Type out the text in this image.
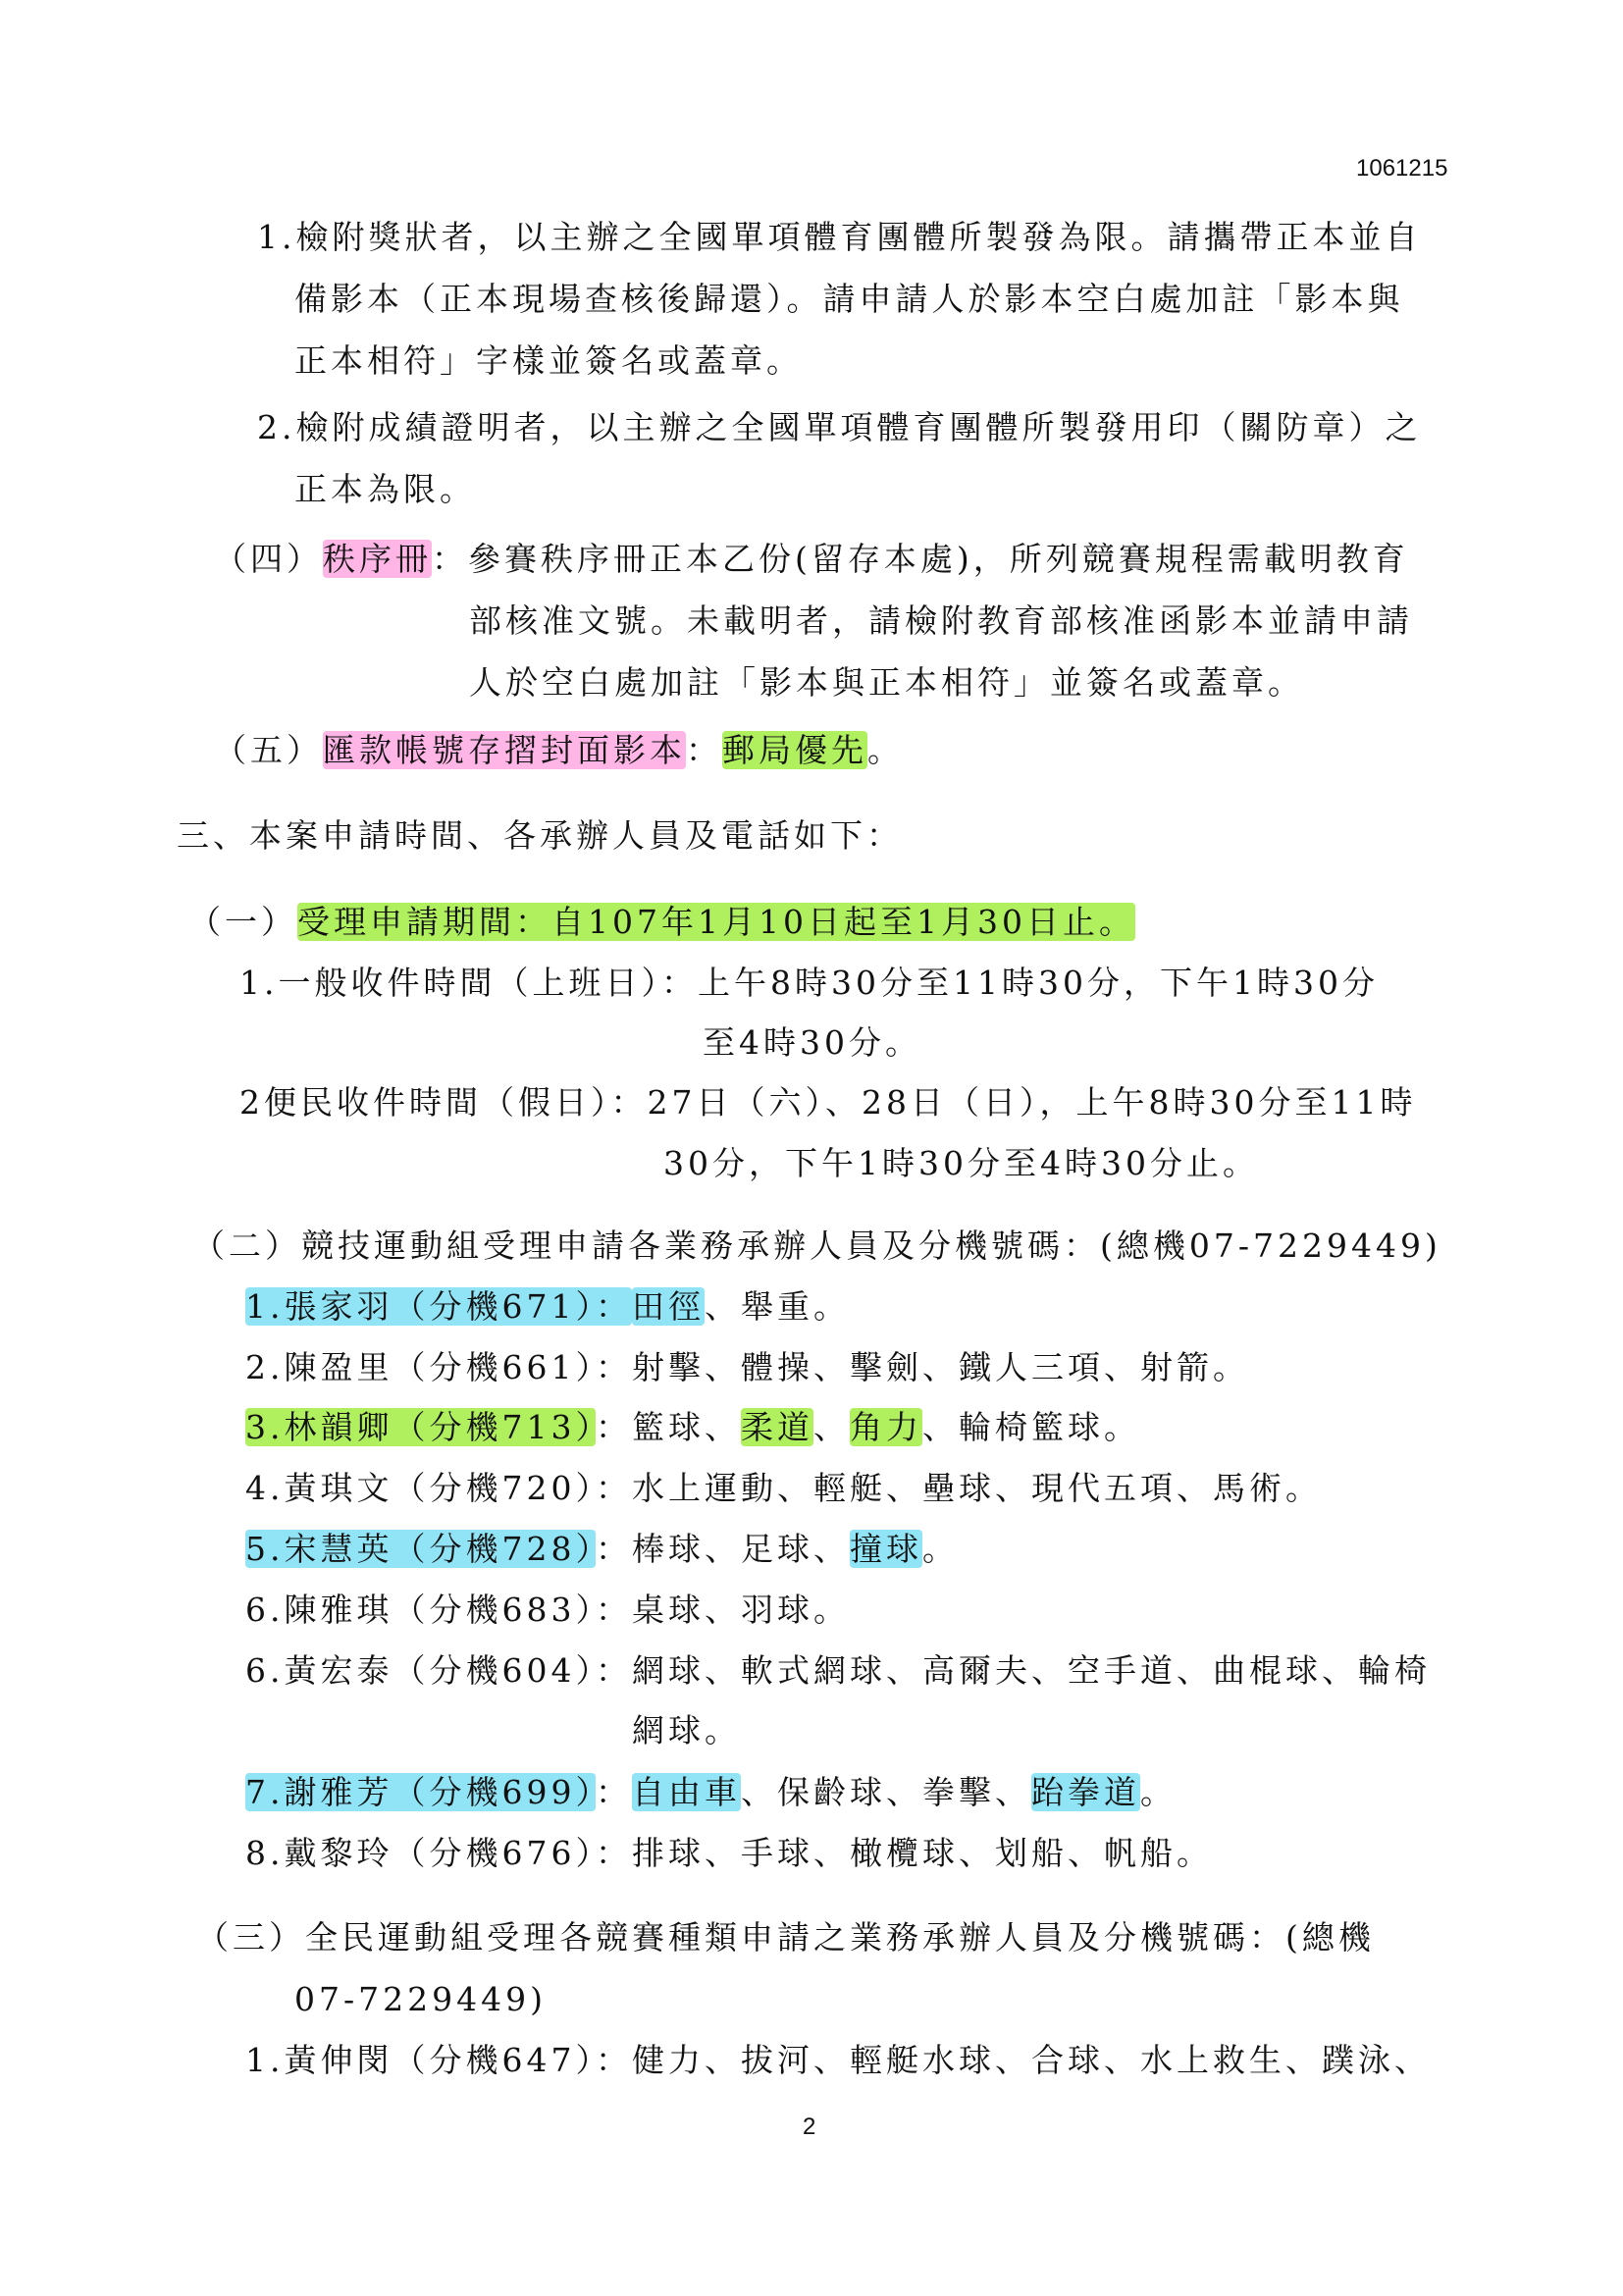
1061215
1.檢附獎狀者，以主辦之全國單項體育團體所製發為限。請攜帶正本並自
備影本（正本現場查核後歸還）。請申請人於影本空白處加註「影本與
正本相符」字樣並簽名或蓋章。
2.檢附成績證明者，以主辦之全國單項體育團體所製發用印（關防章）之
正本為限。
（四）秩序冊：參賽秩序冊正本乙份(留存本處)，所列競賽規程需載明教育
部核准文號。未載明者，請檢附教育部核准函影本並請申請
人於空白處加註「影本與正本相符」並簽名或蓋章。
（五）匯款帳號存摺封面影本：郵局優先。
三、本案申請時間、各承辦人員及電話如下：
（一）受理申請期間：自107年1月10日起至1月30日止。
1.一般收件時間（上班日）：上午8時30分至11時30分，下午1時30分
至4時30分。
2便民收件時間（假日）：27日（六）、28日（日），上午8時30分至11時
30分，下午1時30分至4時30分止。
（二）競技運動組受理申請各業務承辦人員及分機號碼：(總機07-7229449)
1.張家羽（分機671）：田徑、舉重。
2.陳盈里（分機661）：射擊、體操、擊劍、鐵人三項、射箭。
3.林韻卿（分機713）：籃球、柔道、角力、輪椅籃球。
4.黃琪文（分機720）：水上運動、輕艇、壘球、現代五項、馬術。
5.宋慧英（分機728）：棒球、足球、撞球。
6.陳雅琪（分機683）：桌球、羽球。
6.黃宏泰（分機604）：網球、軟式網球、高爾夫、空手道、曲棍球、輪椅
網球。
7.謝雅芳（分機699）：自由車、保齡球、拳擊、跆拳道。
8.戴黎玲（分機676）：排球、手球、橄欖球、划船、帆船。
（三）全民運動組受理各競賽種類申請之業務承辦人員及分機號碼：(總機
07-7229449)
1.黃伸閔（分機647）：健力、拔河、輕艇水球、合球、水上救生、蹼泳、
2
